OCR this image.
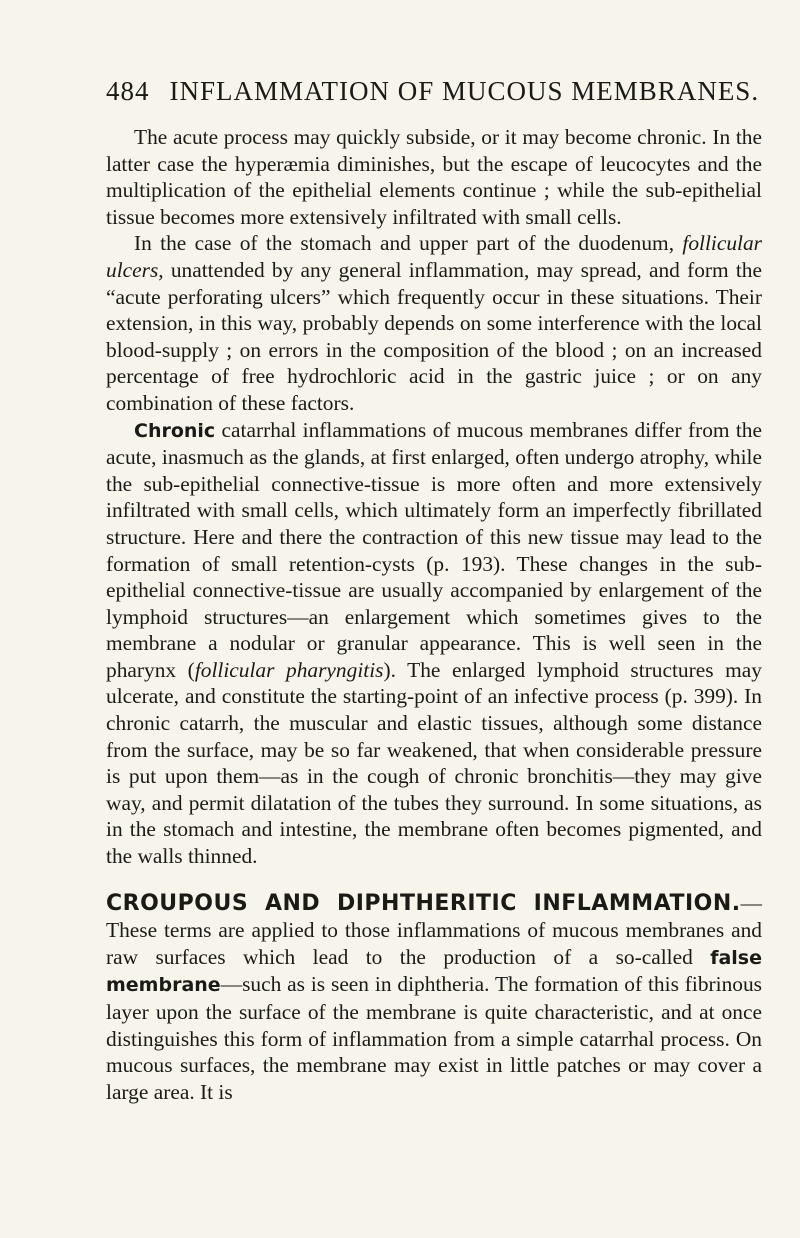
484 INFLAMMATION OF MUCOUS MEMBRANES.

The acute process may quickly subside, or it may become chronic. In the latter case the hyperæmia diminishes, but the escape of leucocytes and the multiplication of the epithelial elements continue ; while the sub-epithelial tissue becomes more extensively infiltrated with small cells.

In the case of the stomach and upper part of the duodenum, follicular ulcers, unattended by any general inflammation, may spread, and form the “acute perforating ulcers” which frequently occur in these situations. Their extension, in this way, probably depends on some interference with the local blood-supply ; on errors in the composition of the blood ; on an increased percentage of free hydrochloric acid in the gastric juice ; or on any combination of these factors.

Chronic catarrhal inflammations of mucous membranes differ from the acute, inasmuch as the glands, at first enlarged, often undergo atrophy, while the sub-epithelial connective-tissue is more often and more extensively infiltrated with small cells, which ultimately form an imperfectly fibrillated structure. Here and there the contraction of this new tissue may lead to the formation of small retention-cysts (p. 193). These changes in the sub-epithelial connective-tissue are usually accompanied by enlargement of the lymphoid structures—an enlargement which sometimes gives to the membrane a nodular or granular appearance. This is well seen in the pharynx (follicular pharyngitis). The enlarged lymphoid structures may ulcerate, and constitute the starting-point of an infective process (p. 399). In chronic catarrh, the muscular and elastic tissues, although some distance from the surface, may be so far weakened, that when considerable pressure is put upon them—as in the cough of chronic bronchitis—they may give way, and permit dilatation of the tubes they surround. In some situations, as in the stomach and intestine, the membrane often becomes pigmented, and the walls thinned.

CROUPOUS AND DIPHTHERITIC INFLAMMATION.—These terms are applied to those inflammations of mucous membranes and raw surfaces which lead to the production of a so-called false membrane—such as is seen in diphtheria. The formation of this fibrinous layer upon the surface of the membrane is quite characteristic, and at once distinguishes this form of inflammation from a simple catarrhal process. On mucous surfaces, the membrane may exist in little patches or may cover a large area. It is
